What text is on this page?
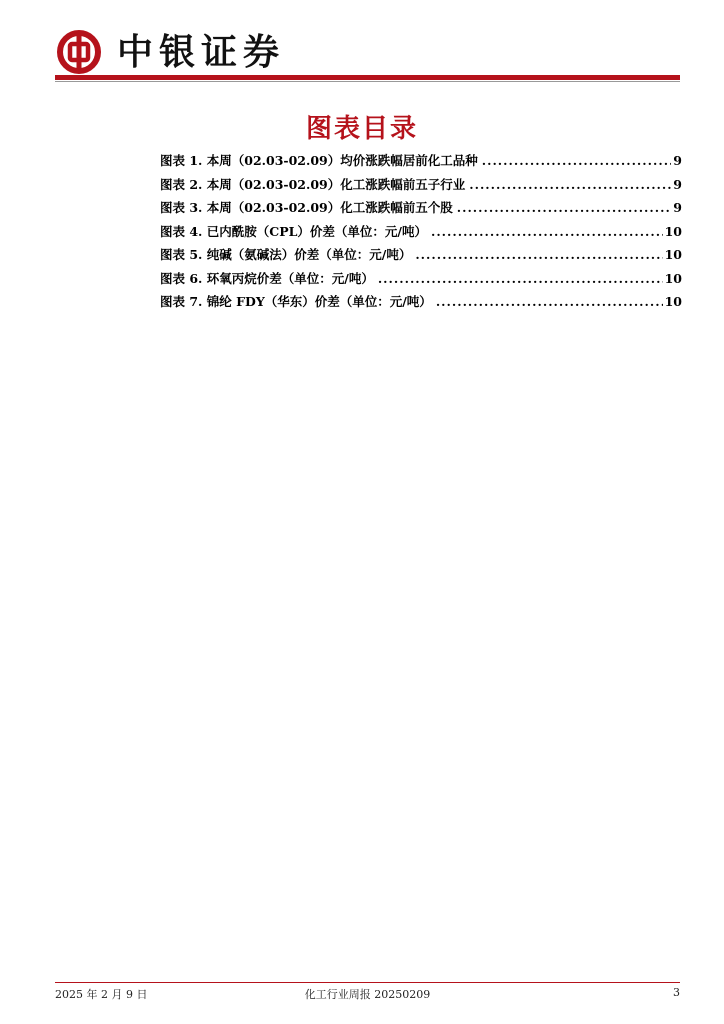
中银证券
图表目录
图表 1. 本周（02.03-02.09）均价涨跌幅居前化工品种 .....	9
图表 2. 本周（02.03-02.09）化工涨跌幅前五子行业 .....	9
图表 3. 本周（02.03-02.09）化工涨跌幅前五个股 .....	9
图表 4. 已内酰胺（CPL）价差（单位：元/吨） .....	10
图表 5. 纯碱（氨碱法）价差（单位：元/吨） .....	10
图表 6. 环氧丙烷价差（单位：元/吨） .....	10
图表 7. 锦纶 FDY（华东）价差（单位：元/吨） .....	10
2025 年 2 月 9 日	化工行业周报 20250209	3
